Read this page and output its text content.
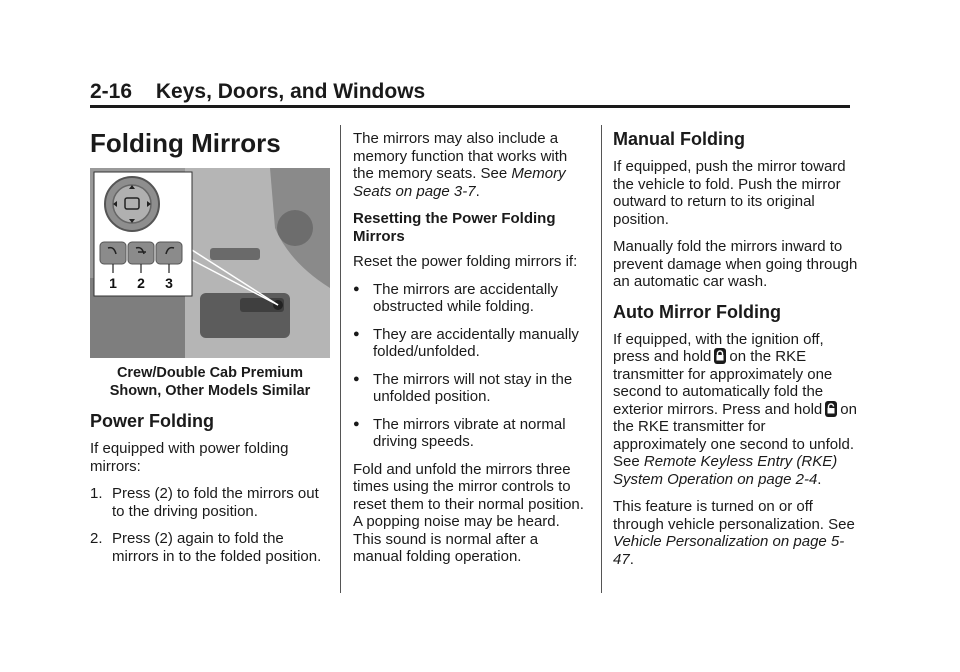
2-16 Keys, Doors, and Windows
Folding Mirrors
1 2 3
Crew/Double Cab Premium
Shown, Other Models Similar
Power Folding

If equipped with power folding mirrors:

1. Press (2) to fold the mirrors out to the driving position.
2. Press (2) again to fold the mirrors in to the folded position.

The mirrors may also include a memory function that works with the memory seats. See Memory Seats on page 3-7.

Resetting the Power Folding Mirrors

Reset the power folding mirrors if:

● The mirrors are accidentally obstructed while folding.
● They are accidentally manually folded/unfolded.
● The mirrors will not stay in the unfolded position.
● The mirrors vibrate at normal driving speeds.

Fold and unfold the mirrors three times using the mirror controls to reset them to their normal position. A popping noise may be heard. This sound is normal after a manual folding operation.

Manual Folding

If equipped, push the mirror toward the vehicle to fold. Push the mirror outward to return to its original position.

Manually fold the mirrors inward to prevent damage when going through an automatic car wash.

Auto Mirror Folding

If equipped, with the ignition off, press and hold on the RKE transmitter for approximately one second to automatically fold the exterior mirrors. Press and hold on the RKE transmitter for approximately one second to unfold. See Remote Keyless Entry (RKE) System Operation on page 2-4.

This feature is turned on or off through vehicle personalization. See Vehicle Personalization on page 5-47.
